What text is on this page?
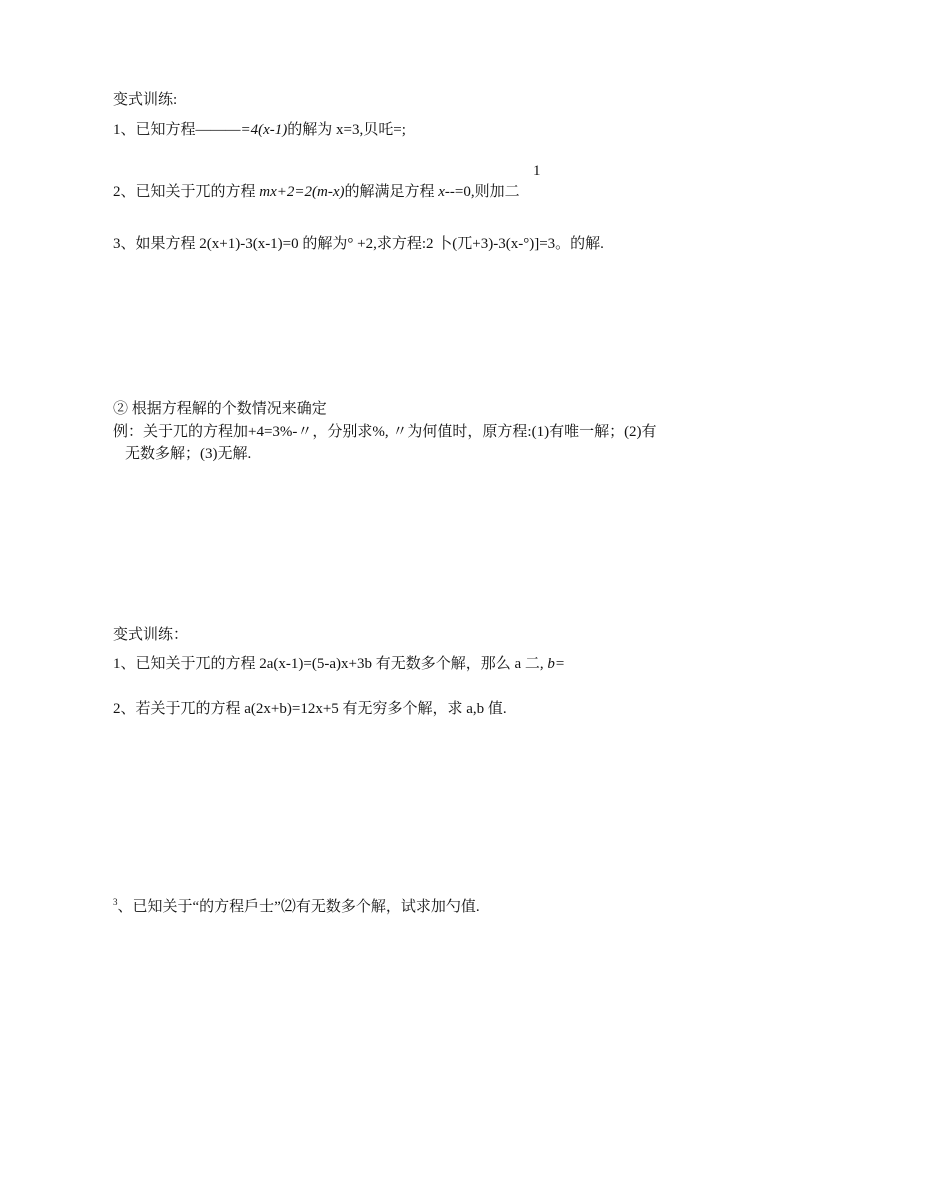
变式训练:
1、已知方程———=4(x-1)的解为 x=3,贝吒=;
1
2、已知关于兀的方程 mx+2=2(m-x)的解满足方程 x--=0,则加二
3、如果方程 2(x+1)-3(x-1)=0 的解为° +2,求方程:2 卜(兀+3)-3(x-°)]=3。的解.
② 根据方程解的个数情况来确定
例：关于兀的方程加+4=3%-〃，分别求%, 〃为何值时，原方程:(1)有唯一解；(2)有
无数多解；(3)无解.
变式训练：
1、已知关于兀的方程 2a(x-1)=(5-a)x+3b 有无数多个解，那么 a 二, b=
2、若关于兀的方程 a(2x+b)=12x+5 有无穷多个解，求 a,b 值.
$^3$、已知关于“的方程戶士”⑵有无数多个解，试求加勺值.
